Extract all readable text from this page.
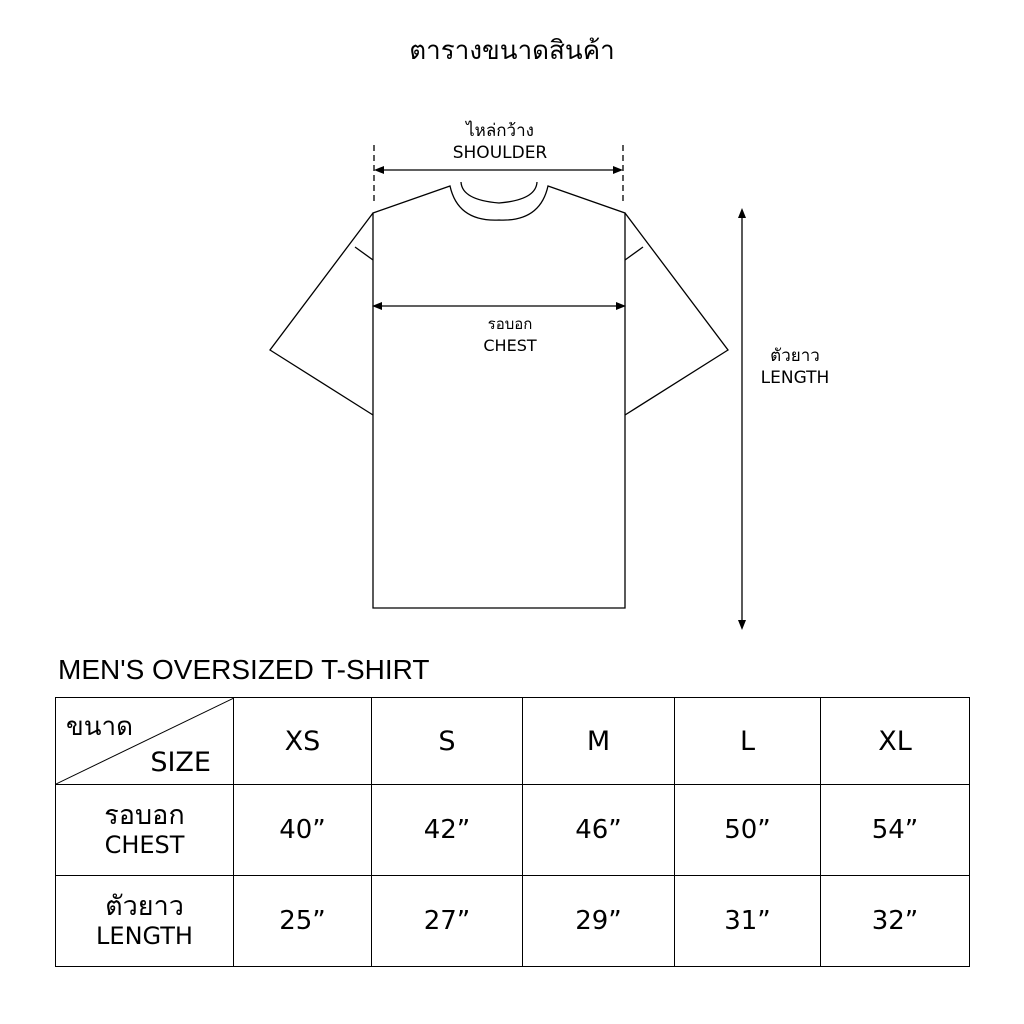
ตารางขนาดสินค้า
ไหล่กว้าง
SHOULDER
รอบอก
CHEST
ตัวยาว
LENGTH
MEN'S OVERSIZED T-SHIRT
ขนาด
SIZE	XS	S	M	L	XL

รอบอก
CHEST	40”	42”	46”	50”	54”

ตัวยาว
LENGTH	25”	27”	29”	31”	32”
